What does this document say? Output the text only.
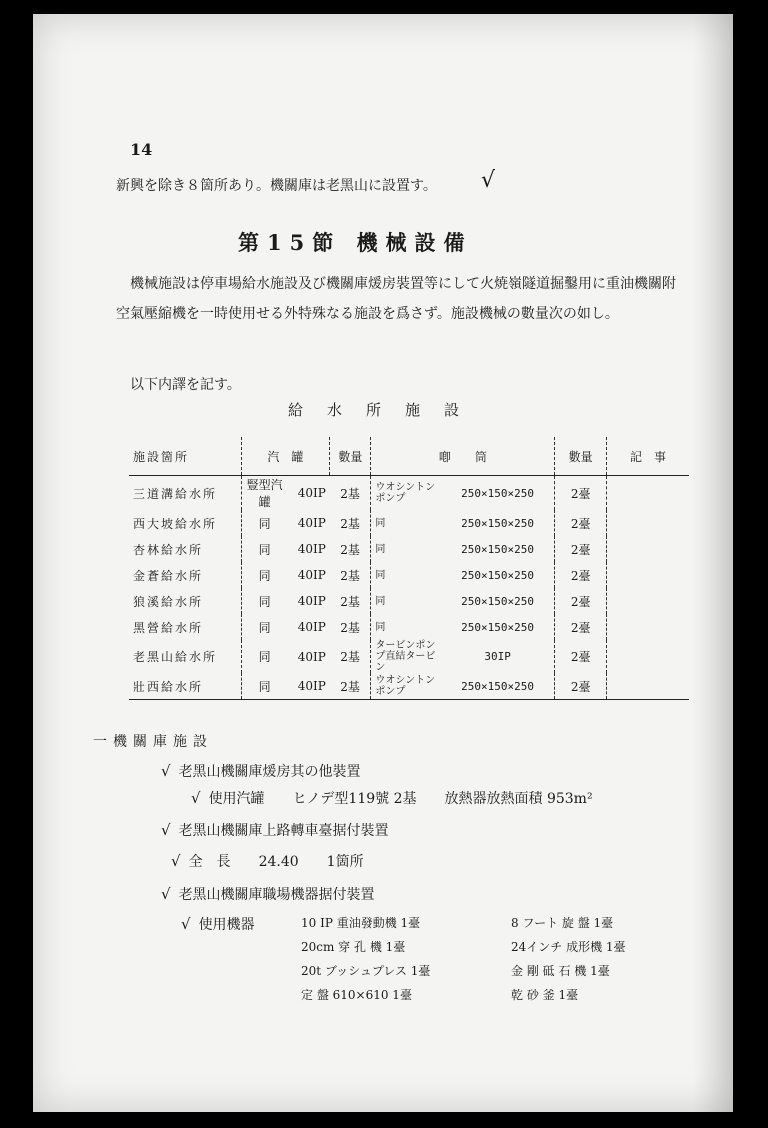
14
新興を除き８箇所あり。機關庫は老黑山に設置す。 √
第15節 機械設備
機械施設は停車場給水施設及び機關庫煖房裝置等にして火焼嶺隧道掘鑿用に重油機關附空氣壓縮機を一時使用せる外特殊なる施設を爲さず。施設機械の數量次の如し。
以下内譯を記す。
給水所施設
施設箇所	汽　罐		數量	喞　　筒		數量	記　事
三道溝給水所	豎型汽罐	40IP	2基	ウオシントンポンプ	250×150×250	2臺	
西大坡給水所	同	40IP	2基	同	250×150×250	2臺	
杏林給水所	同	40IP	2基	同	250×150×250	2臺	
金蒼給水所	同	40IP	2基	同	250×150×250	2臺	
狼溪給水所	同	40IP	2基	同	250×150×250	2臺	
黑營給水所	同	40IP	2基	同	250×150×250	2臺	
老黑山給水所	同	40IP	2基	タービンポンプ直結タービン	30IP	2臺	
壯西給水所	同	40IP	2基	ウオシントンポンプ	250×150×250	2臺	
一機關庫施設
√ 老黑山機關庫煖房其の他裝置
√ 使用汽罐 ヒノデ型119號 2基 放熱器放熱面積 953m²
√ 老黑山機關庫上路轉車臺据付裝置
√ 全　長 24.40 1箇所
√ 老黑山機關庫職場機器据付裝置
√ 使用機器	10 IP 重油發動機 1臺	8 フート 旋 盤 1臺
20cm 穿 孔 機 1臺	24インチ 成形機 1臺
20t ブッシュプレス 1臺	金 剛 砥 石 機 1臺
定 盤 610×610 1臺	乾 砂 釜 1臺
